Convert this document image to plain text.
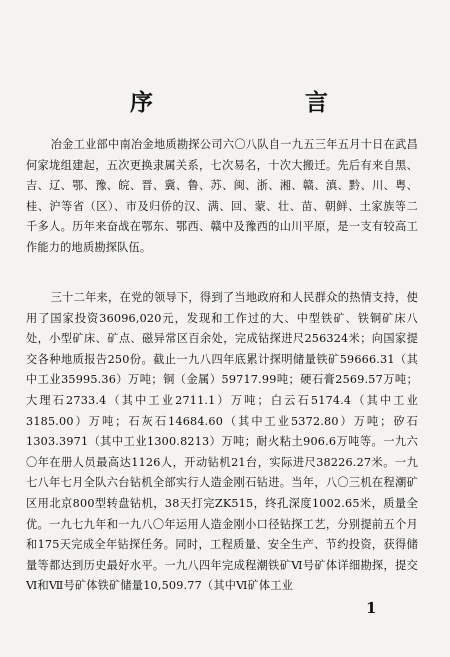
序	言

冶金工业部中南冶金地质勘探公司六〇八队自一九五三年五月十日在武昌何家垅组建起，五次更换隶属关系，七次易名，十次大搬迁。先后有来自黑、吉、辽、鄂、豫、皖、晋、冀、鲁、苏、闽、浙、湘、赣、滇、黔、川、粤、桂、沪等省（区）、市及归侨的汉、满、回、蒙、壮、苗、朝鲜、土家族等二千多人。历年来奋战在鄂东、鄂西、赣中及豫西的山川平原，是一支有较高工作能力的地质勘探队伍。

三十二年来，在党的领导下，得到了当地政府和人民群众的热情支持，使用了国家投资36096,020元，发现和工作过的大、中型铁矿、铁铜矿床八处，小型矿床、矿点、磁异常区百余处，完成钻探进尺256324米；向国家提交各种地质报告250份。截止一九八四年底累计探明储量铁矿59666.31（其中工业35995.36）万吨；铜（金属）59717.99吨；硬石膏2569.57万吨；大理石2733.4（其中工业2711.1）万吨；白云石5174.4（其中工业3185.00）万吨；石灰石14684.60（其中工业5372.80）万吨；矽石1303.3971（其中工业1300.8213）万吨；耐火粘土906.6万吨等。一九六〇年在册人员最高达1126人，开动钻机21台，实际进尺38226.27米。一九七八年七月全队六台钻机全部实行人造金刚石钻进。当年，八〇三机在程潮矿区用北京800型转盘钻机，38天打完ZK515，终孔深度1002.65米，质量全优。一九七九年和一九八〇年运用人造金刚小口径钻探工艺，分别提前五个月和175天完成全年钻探任务。同时，工程质量、安全生产、节约投资，获得储量等都达到历史最好水平。一九八四年完成程潮铁矿Ⅵ号矿体详细勘探，提交Ⅵ和Ⅶ号矿体铁矿储量10,509.77（其中Ⅵ矿体工业

1
